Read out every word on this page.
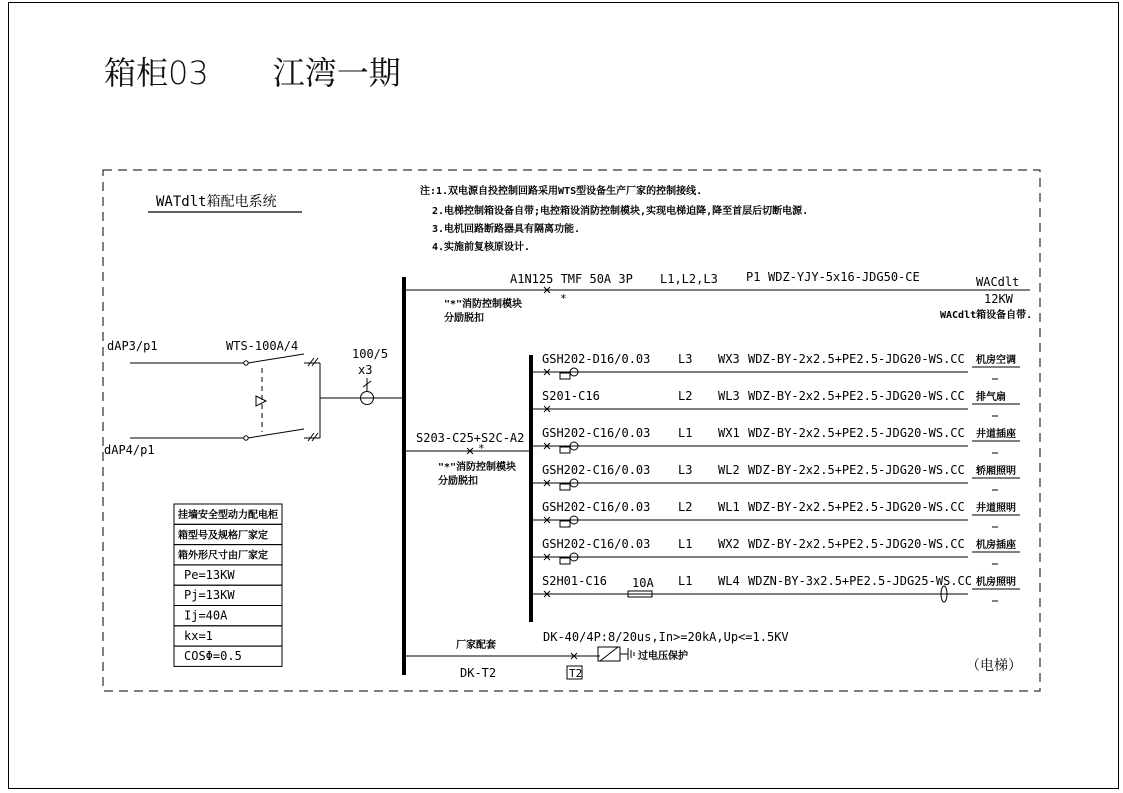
箱柜03　　江湾一期
WATdlt箱配电系统
注:1.双电源自投控制回路采用WTS型设备生产厂家的控制接线.
2.电梯控制箱设备自带;电控箱设消防控制模块,实现电梯迫降,降至首层后切断电源.
3.电机回路断路器具有隔离功能.
4.实施前复核原设计.
dAP3/p1
dAP4/p1
WTS-100A/4
100/5
x3
A1N125 TMF 50A 3P L1,L2,L3 P1 WDZ-YJY-5x16-JDG50-CE	WACdlt
12KW
WACdlt箱设备自带.
*
"*"消防控制模块
分励脱扣
S203-C25+S2C-A2
*
"*"消防控制模块
分励脱扣
GSH202-D16/0.03 L3 WX3 WDZ-BY-2x2.5+PE2.5-JDG20-WS.CC 机房空调
S201-C16	L2 WL3 WDZ-BY-2x2.5+PE2.5-JDG20-WS.CC 排气扇
GSH202-C16/0.03 L1 WX1 WDZ-BY-2x2.5+PE2.5-JDG20-WS.CC 井道插座
GSH202-C16/0.03 L3 WL2 WDZ-BY-2x2.5+PE2.5-JDG20-WS.CC 轿厢照明
GSH202-C16/0.03 L2 WL1 WDZ-BY-2x2.5+PE2.5-JDG20-WS.CC 井道照明
GSH202-C16/0.03 L1 WX2 WDZ-BY-2x2.5+PE2.5-JDG20-WS.CC 机房插座
S2H01-C16 10A L1 WL4 WDZN-BY-3x2.5+PE2.5-JDG25-WS.CC 机房照明
厂家配套
DK-T2
DK-40/4P:8/20us,In>=20kA,Up<=1.5KV
过电压保护
T2
挂墙安全型动力配电柜
箱型号及规格厂家定
箱外形尺寸由厂家定
Pe=13KW
Pj=13KW
Ij=40A
kx=1
COSΦ=0.5
（电梯）
